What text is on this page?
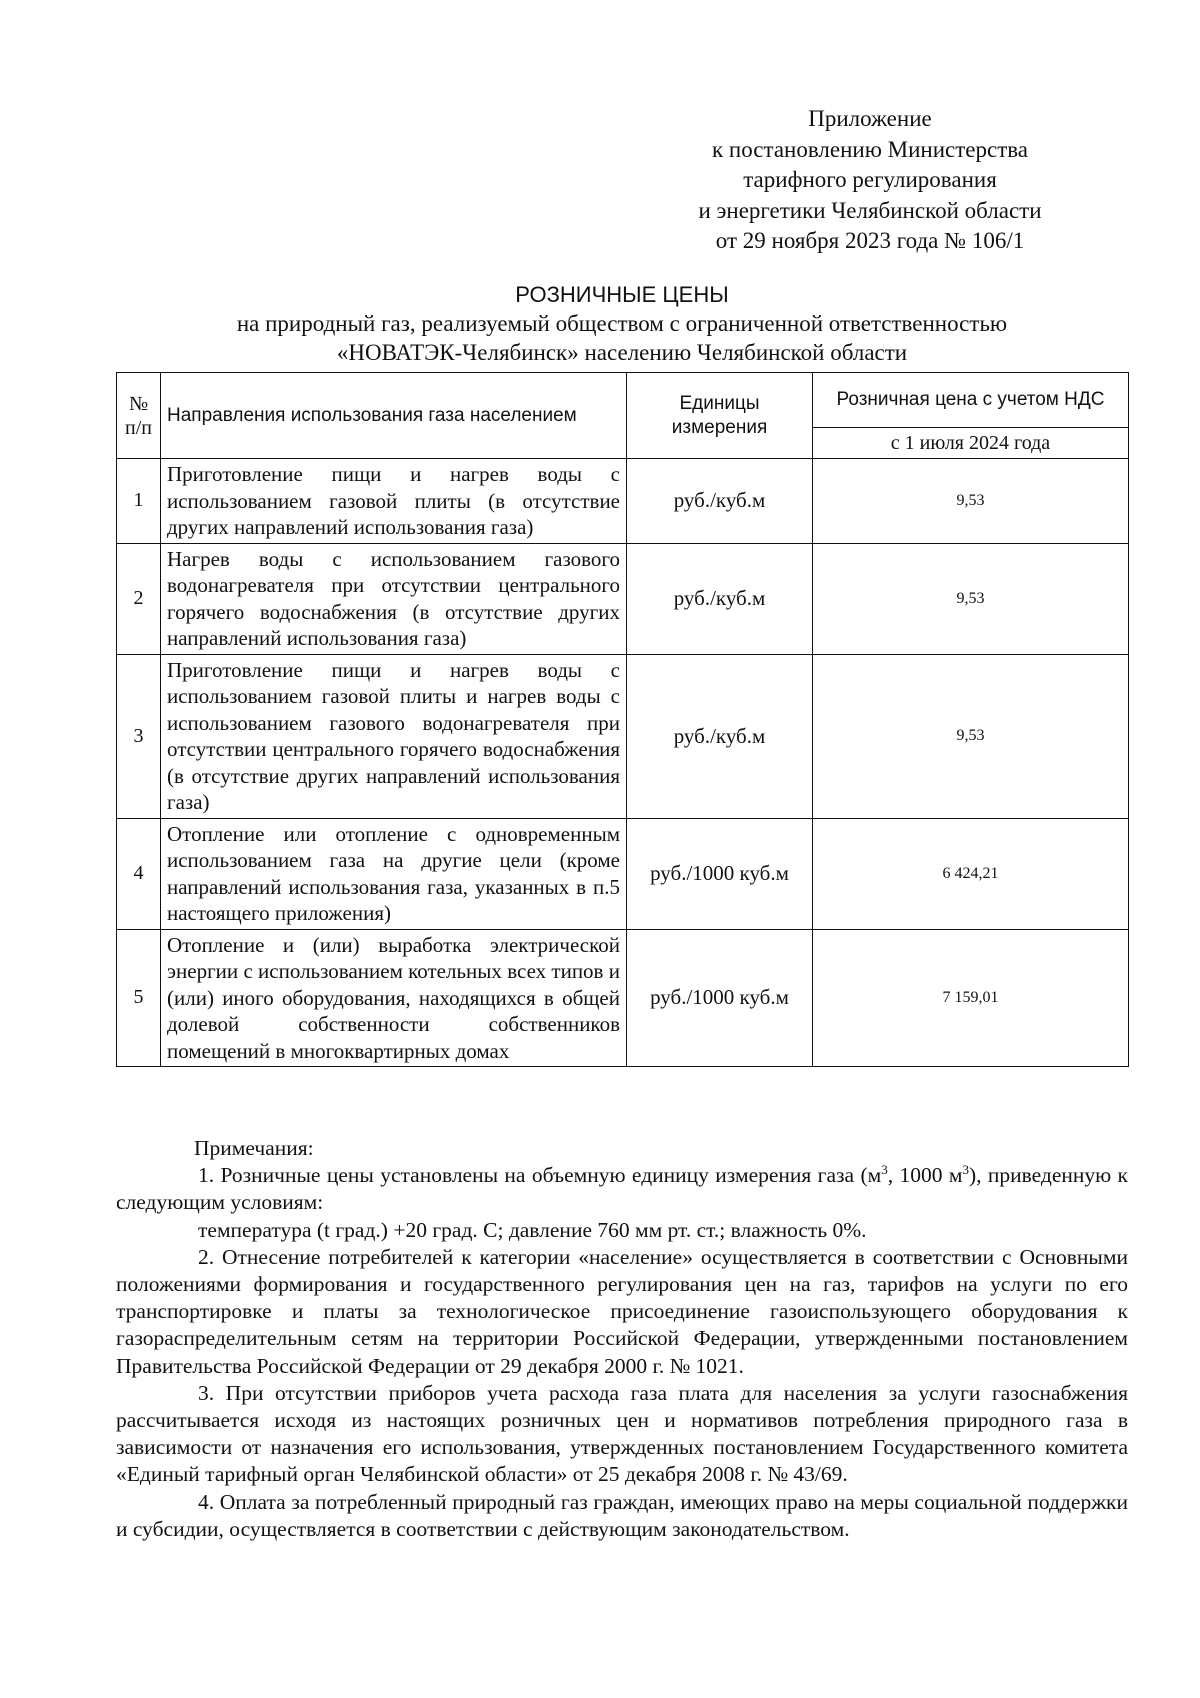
Приложение
к постановлению Министерства
тарифного регулирования
и энергетики Челябинской области
от 29 ноября 2023 года № 106/1
РОЗНИЧНЫЕ ЦЕНЫ
на природный газ, реализуемый обществом с ограниченной ответственностью
«НОВАТЭК-Челябинск» населению Челябинской области
№ п/п	Направления использования газа населением	Единицы измерения	Розничная цена с учетом НДС
			с 1 июля 2024 года
1	Приготовление пищи и нагрев воды с использованием газовой плиты (в отсутствие других направлений использования газа)	руб./куб.м	9,53
2	Нагрев воды с использованием газового водонагревателя при отсутствии центрального горячего водоснабжения (в отсутствие других направлений использования газа)	руб./куб.м	9,53
3	Приготовление пищи и нагрев воды с использованием газовой плиты и нагрев воды с использованием газового водонагревателя при отсутствии центрального горячего водоснабжения (в отсутствие других направлений использования газа)	руб./куб.м	9,53
4	Отопление или отопление с одновременным использованием газа на другие цели (кроме направлений использования газа, указанных в п.5 настоящего приложения)	руб./1000 куб.м	6 424,21
5	Отопление и (или) выработка электрической энергии с использованием котельных всех типов и (или) иного оборудования, находящихся в общей долевой собственности собственников помещений в многоквартирных домах	руб./1000 куб.м	7 159,01

Примечания:

1. Розничные цены установлены на объемную единицу измерения газа ($м^3$, 1000 $м^3$), приведенную к следующим условиям:

температура (t град.) +20 град. С; давление 760 мм рт. ст.; влажность 0%.

2. Отнесение потребителей к категории «население» осуществляется в соответствии с Основными положениями формирования и государственного регулирования цен на газ, тарифов на услуги по его транспортировке и платы за технологическое присоединение газоиспользующего оборудования к газораспределительным сетям на территории Российской Федерации, утвержденными постановлением Правительства Российской Федерации от 29 декабря 2000 г. № 1021.

3. При отсутствии приборов учета расхода газа плата для населения за услуги газоснабжения рассчитывается исходя из настоящих розничных цен и нормативов потребления природного газа в зависимости от назначения его использования, утвержденных постановлением Государственного комитета «Единый тарифный орган Челябинской области» от 25 декабря 2008 г. № 43/69.

4. Оплата за потребленный природный газ граждан, имеющих право на меры социальной поддержки и субсидии, осуществляется в соответствии с действующим законодательством.
